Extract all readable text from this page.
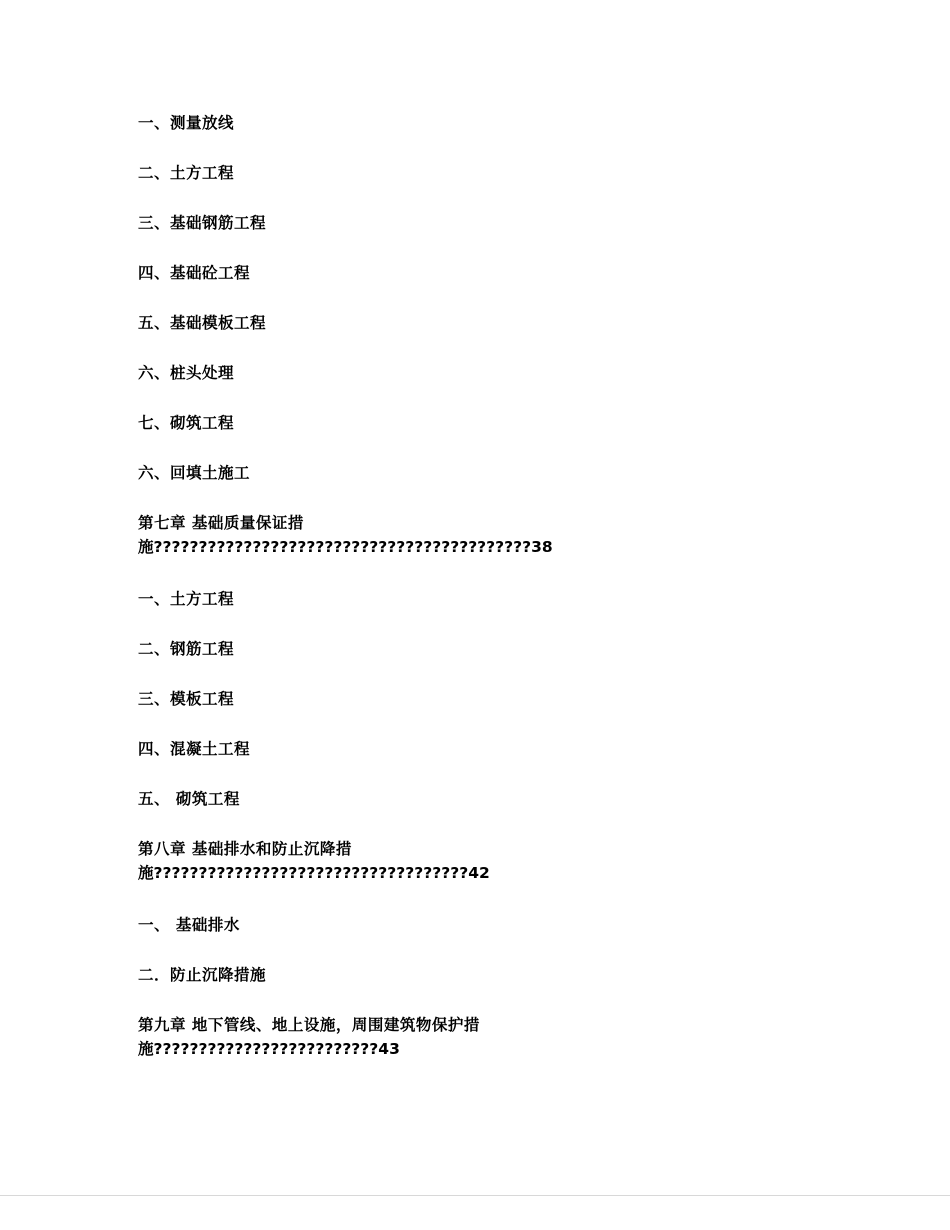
一、测量放线
二、土方工程
三、基础钢筋工程
四、基础砼工程
五、基础模板工程
六、桩头处理
七、砌筑工程
六、回填土施工
第七章 基础质量保证措
施??????????????????????????????????????????38
一、土方工程
二、钢筋工程
三、模板工程
四、混凝土工程
五、 砌筑工程
第八章 基础排水和防止沉降措
施???????????????????????????????????42
一、 基础排水
二．防止沉降措施
第九章 地下管线、地上设施，周围建筑物保护措
施?????????????????????????43
